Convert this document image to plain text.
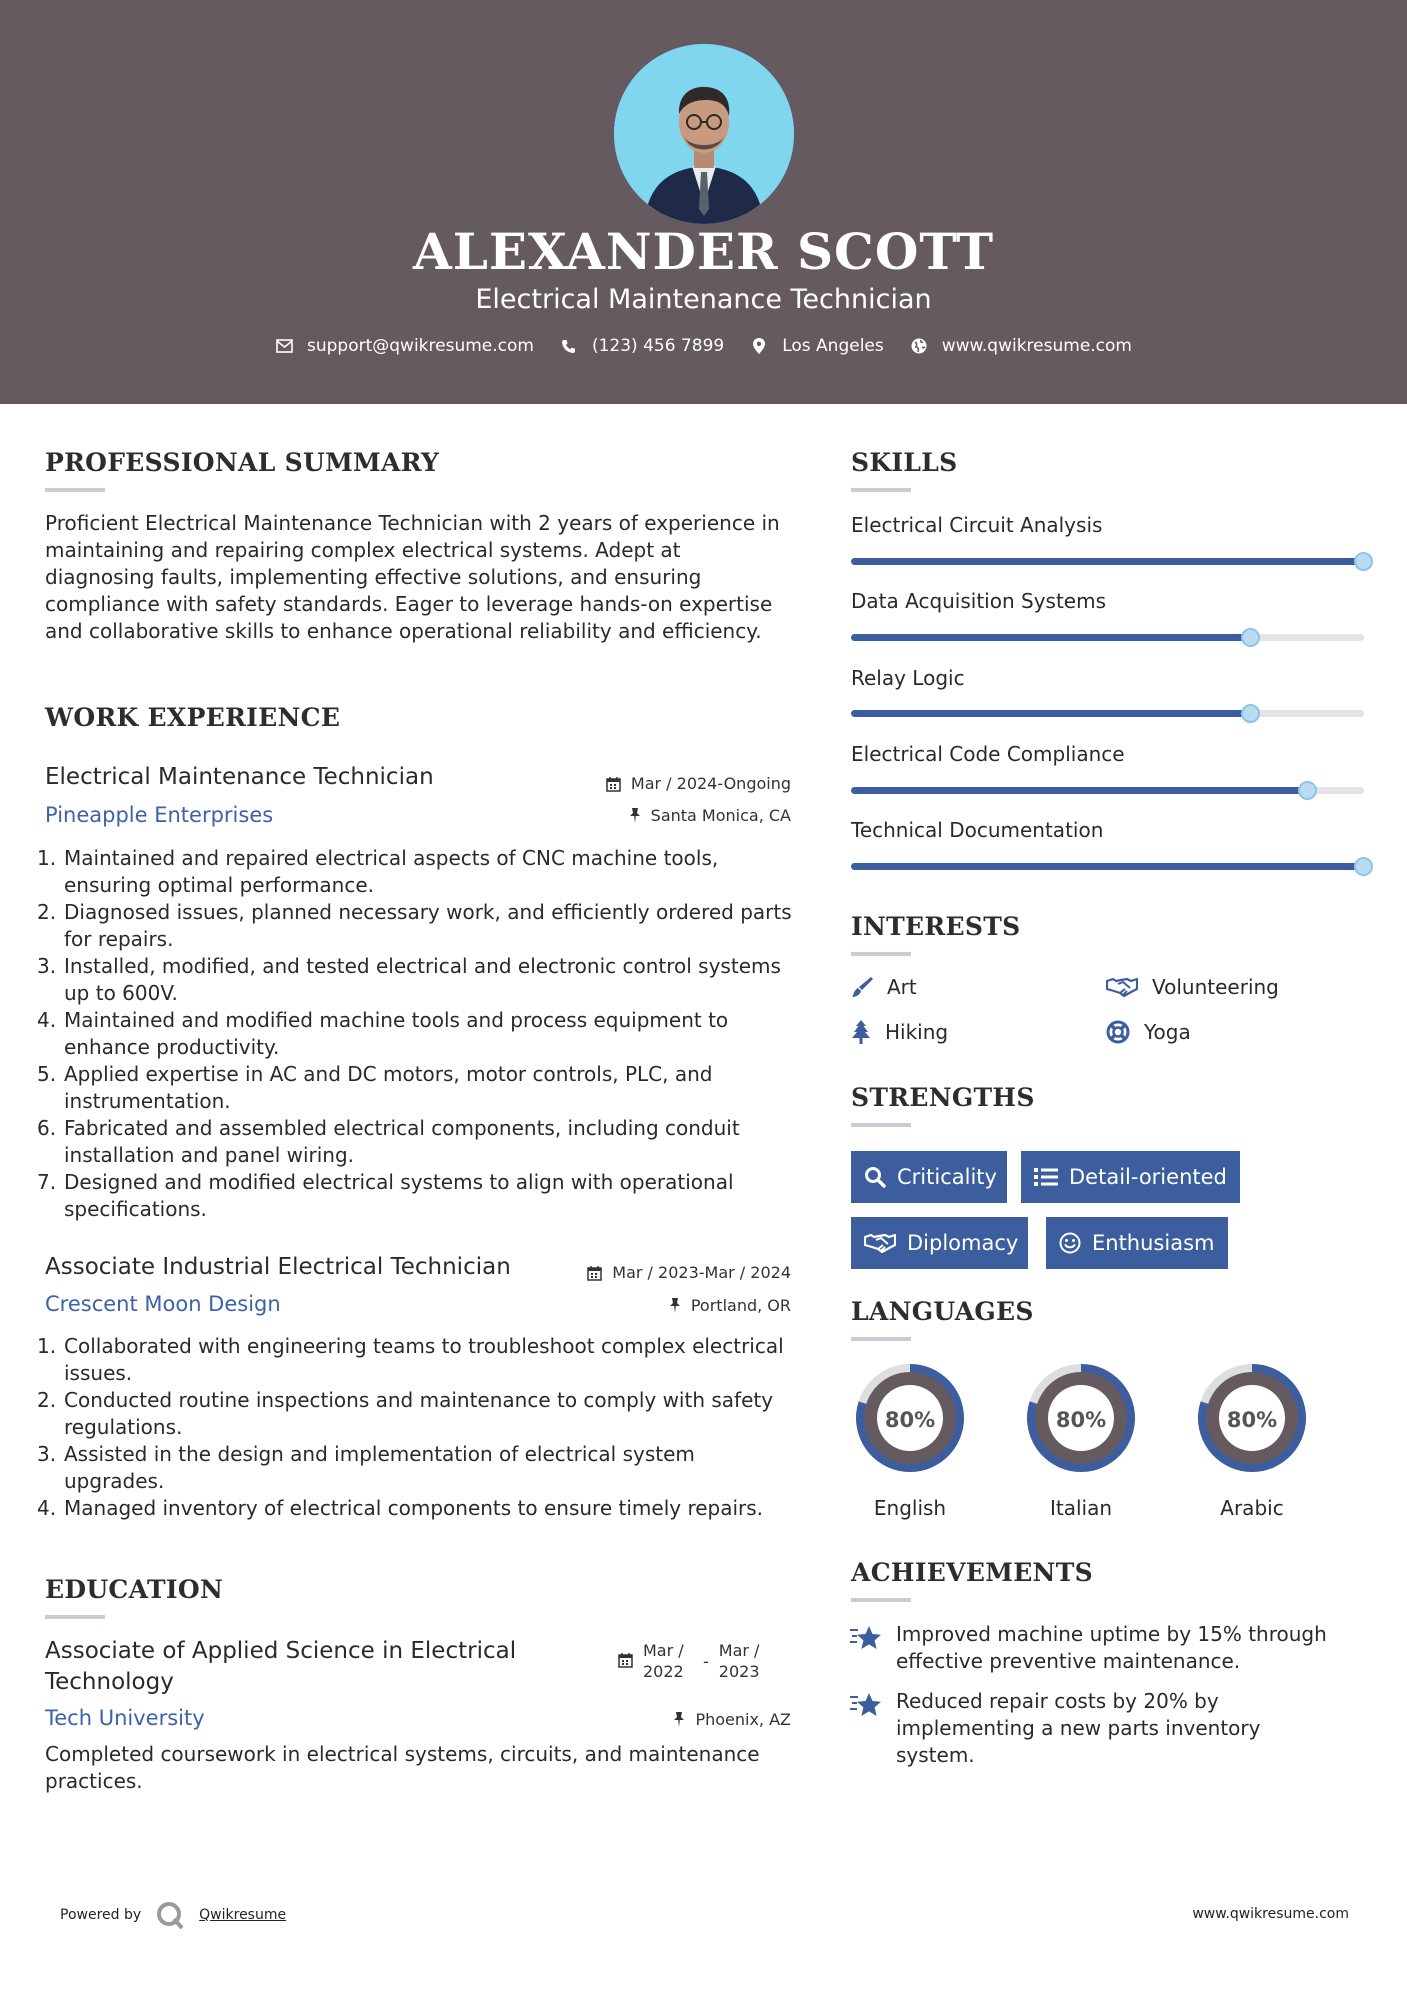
ALEXANDER SCOTT
Electrical Maintenance Technician
support@qwikresume.com	(123) 456 7899	Los Angeles	www.qwikresume.com
PROFESSIONAL SUMMARY
Proficient Electrical Maintenance Technician with 2 years of experience in maintaining and repairing complex electrical systems. Adept at diagnosing faults, implementing effective solutions, and ensuring compliance with safety standards. Eager to leverage hands-on expertise and collaborative skills to enhance operational reliability and efficiency.
WORK EXPERIENCE
Electrical Maintenance Technician	Mar / 2024-Ongoing
Pineapple Enterprises	Santa Monica, CA
1. Maintained and repaired electrical aspects of CNC machine tools, ensuring optimal performance.
2. Diagnosed issues, planned necessary work, and efficiently ordered parts for repairs.
3. Installed, modified, and tested electrical and electronic control systems up to 600V.
4. Maintained and modified machine tools and process equipment to enhance productivity.
5. Applied expertise in AC and DC motors, motor controls, PLC, and instrumentation.
6. Fabricated and assembled electrical components, including conduit installation and panel wiring.
7. Designed and modified electrical systems to align with operational specifications.
Associate Industrial Electrical Technician	Mar / 2023-Mar / 2024
Crescent Moon Design	Portland, OR
1. Collaborated with engineering teams to troubleshoot complex electrical issues.
2. Conducted routine inspections and maintenance to comply with safety regulations.
3. Assisted in the design and implementation of electrical system upgrades.
4. Managed inventory of electrical components to ensure timely repairs.
EDUCATION
Associate of Applied Science in Electrical Technology
Mar / 2022
-
Mar / 2023
Tech University	Phoenix, AZ
Completed coursework in electrical systems, circuits, and maintenance practices.
SKILLS
Electrical Circuit Analysis
Data Acquisition Systems
Relay Logic
Electrical Code Compliance
Technical Documentation
INTERESTS
Art	Volunteering
Hiking	Yoga
STRENGTHS
Criticality	Detail-oriented
Diplomacy	Enthusiasm
LANGUAGES
80%	80%	80%
English	Italian	Arabic
ACHIEVEMENTS
Improved machine uptime by 15% through effective preventive maintenance.
Reduced repair costs by 20% by implementing a new parts inventory system.
Powered by	Qwikresume	www.qwikresume.com
